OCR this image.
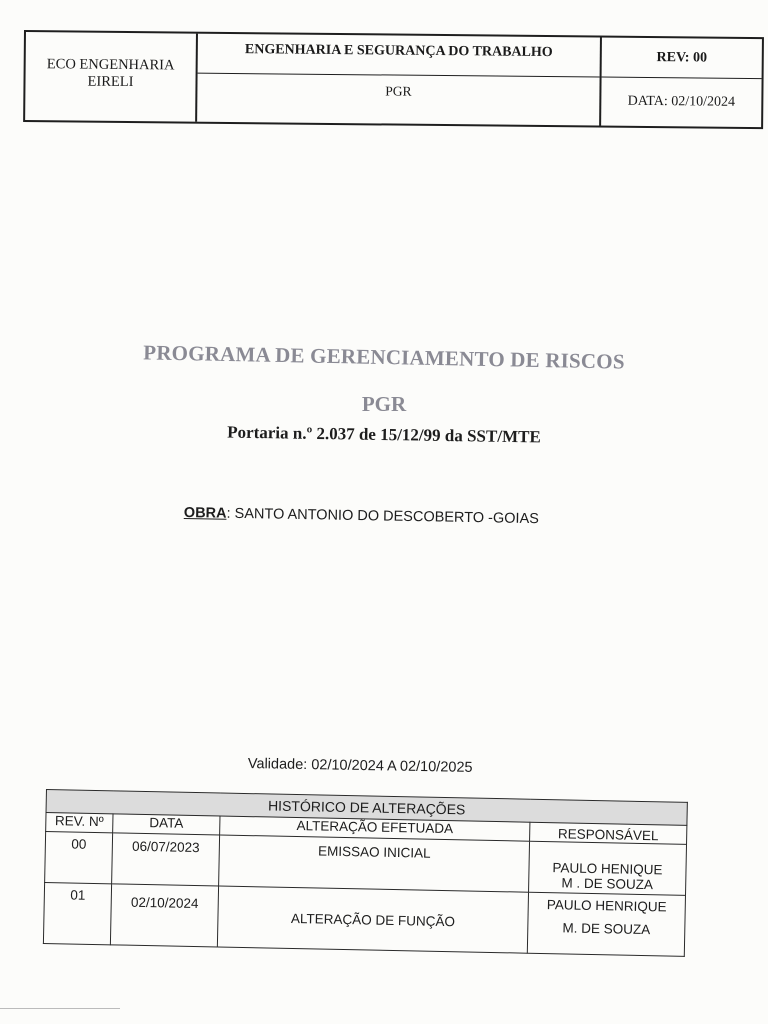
ECO ENGENHARIA
EIRELI
ENGENHARIA E SEGURANÇA DO TRABALHO
PGR
REV: 00
DATA: 02/10/2024
PROGRAMA DE GERENCIAMENTO DE RISCOS
PGR
Portaria n.º 2.037 de 15/12/99 da SST/MTE
OBRA: SANTO ANTONIO DO DESCOBERTO -GOIAS
Validade: 02/10/2024 A 02/10/2025
HISTÓRICO DE ALTERAÇÕES			
REV. Nº	DATA	ALTERAÇÃO EFETUADA	RESPONSÁVEL
00	06/07/2023	EMISSAO INICIAL	PAULO HENIQUE
M . DE SOUZA

01	02/10/2024	ALTERAÇÃO DE FUNÇÃO	PAULO HENRIQUE
M. DE SOUZA
